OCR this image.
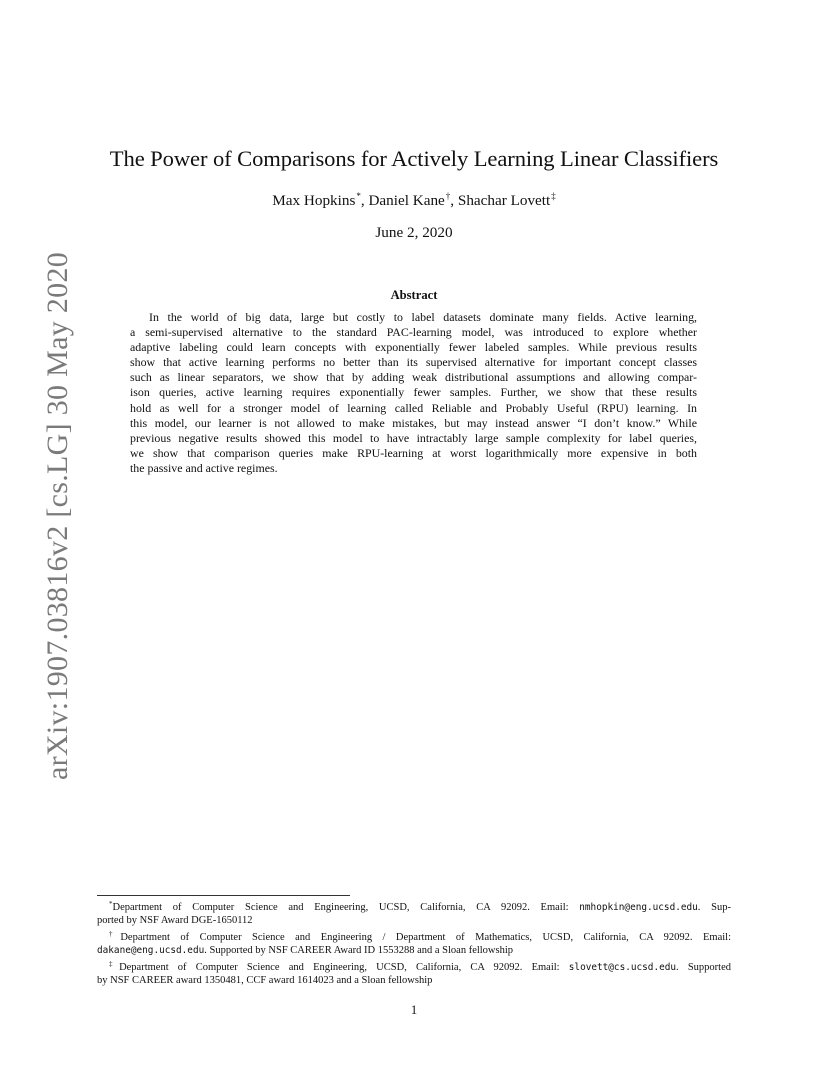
arXiv:1907.03816v2 [cs.LG] 30 May 2020
The Power of Comparisons for Actively Learning Linear Classifiers
Max Hopkins*, Daniel Kane†, Shachar Lovett‡
June 2, 2020
Abstract
In the world of big data, large but costly to label datasets dominate many fields. Active learning,
a semi-supervised alternative to the standard PAC-learning model, was introduced to explore whether
adaptive labeling could learn concepts with exponentially fewer labeled samples. While previous results
show that active learning performs no better than its supervised alternative for important concept classes
such as linear separators, we show that by adding weak distributional assumptions and allowing compar-
ison queries, active learning requires exponentially fewer samples. Further, we show that these results
hold as well for a stronger model of learning called Reliable and Probably Useful (RPU) learning. In
this model, our learner is not allowed to make mistakes, but may instead answer “I don’t know.” While
previous negative results showed this model to have intractably large sample complexity for label queries,
we show that comparison queries make RPU-learning at worst logarithmically more expensive in both
the passive and active regimes.
*Department of Computer Science and Engineering, UCSD, California, CA 92092. Email: nmhopkin@eng.ucsd.edu. Sup-
ported by NSF Award DGE-1650112
†Department of Computer Science and Engineering / Department of Mathematics, UCSD, California, CA 92092. Email:
dakane@eng.ucsd.edu. Supported by NSF CAREER Award ID 1553288 and a Sloan fellowship
‡Department of Computer Science and Engineering, UCSD, California, CA 92092. Email: slovett@cs.ucsd.edu. Supported
by NSF CAREER award 1350481, CCF award 1614023 and a Sloan fellowship
1
